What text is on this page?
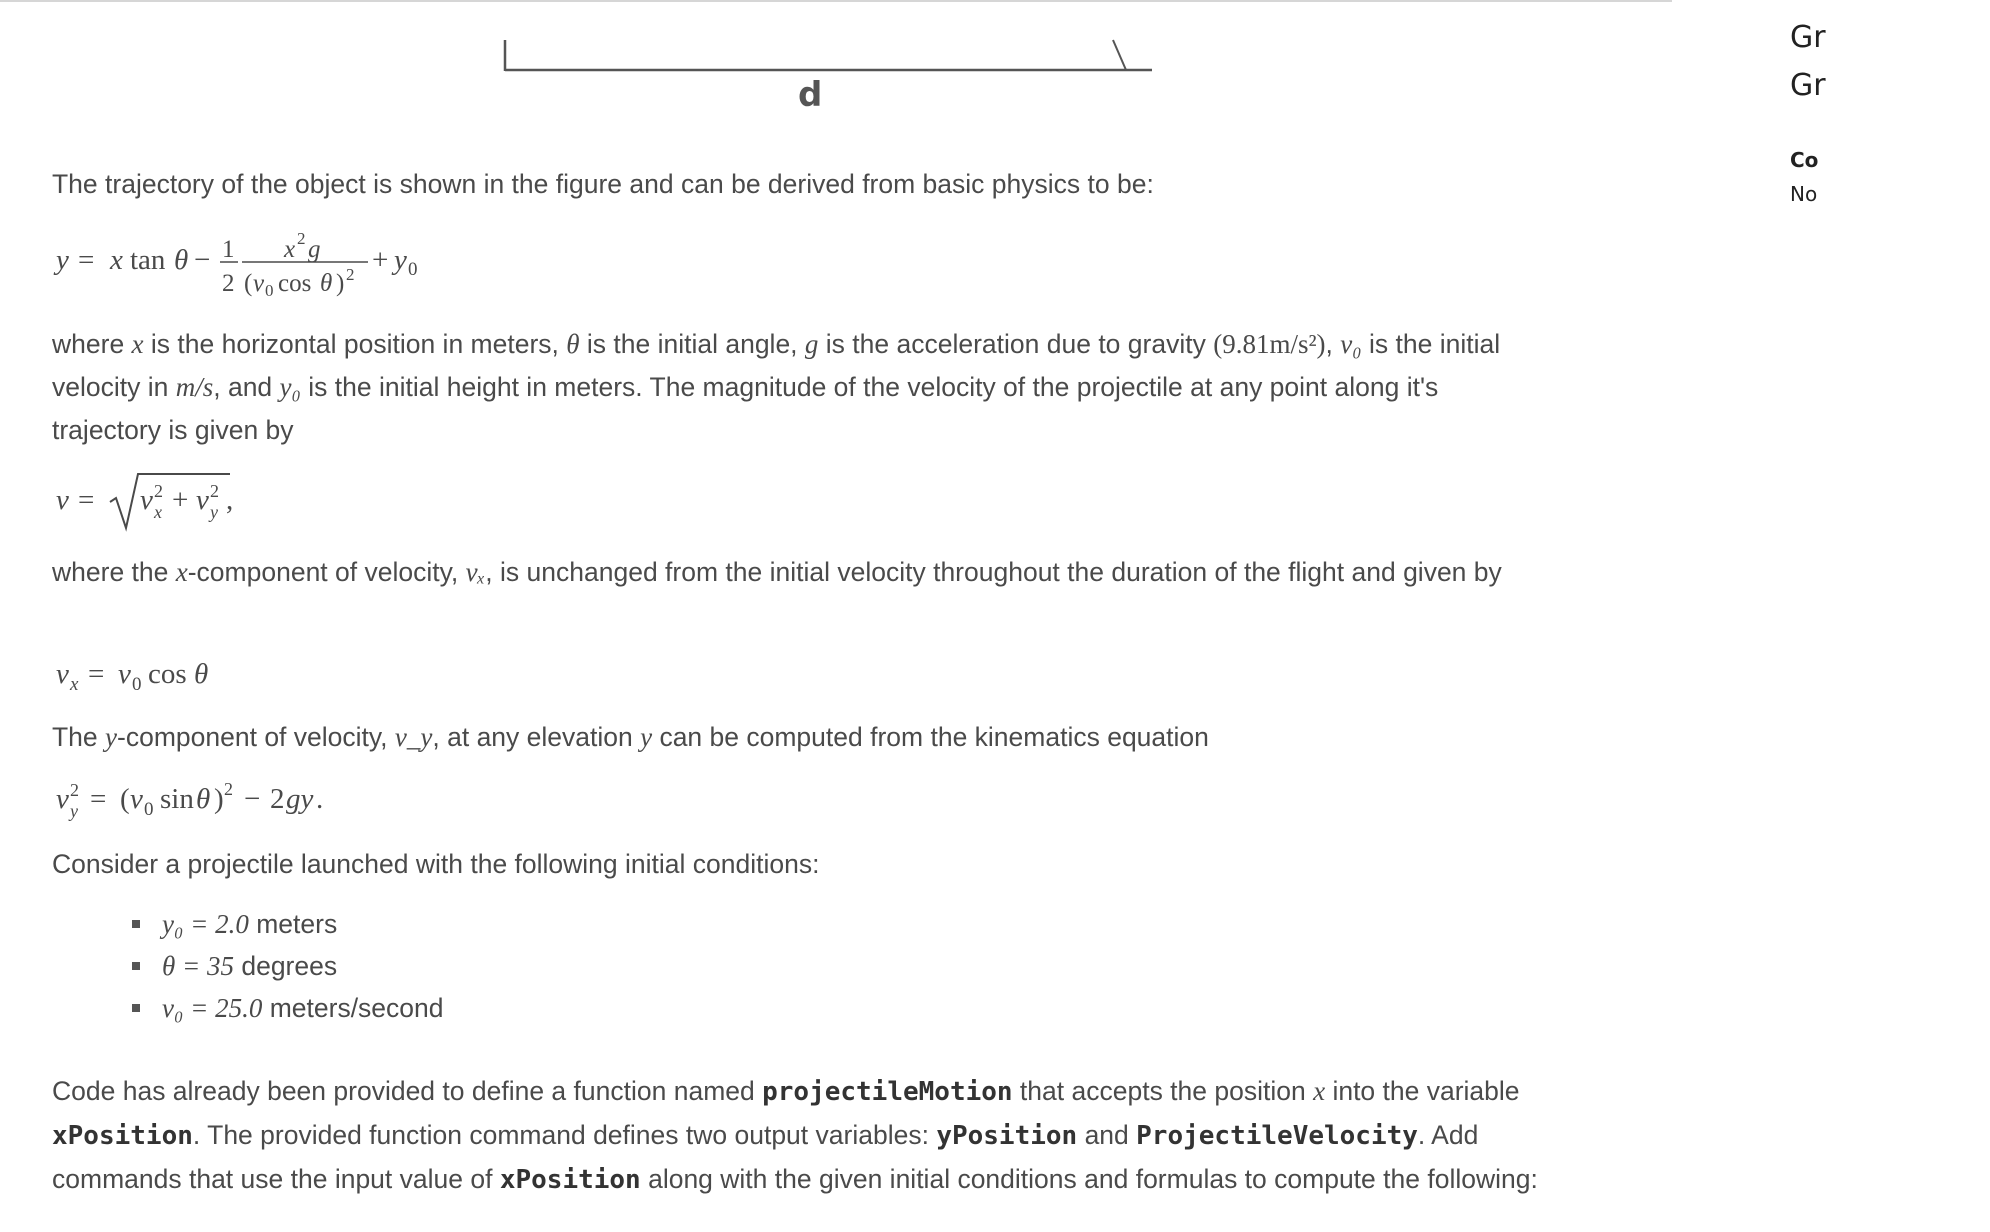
d

The trajectory of the object is shown in the figure and can be derived from basic physics to be:

y = x tan θ − 1
2
x 2 g
( v 0 cos θ ) 2 + y 0

where x is the horizontal position in meters, θ is the initial angle, g is the acceleration due to gravity (9.81m/s²), v₀ is the initial velocity in m/s, and y₀ is the initial height in meters. The magnitude of the velocity of the projectile at any point along it's trajectory is given by

v = v 2
x + v 2
y ,

where the x-component of velocity, vₓ, is unchanged from the initial velocity throughout the duration of the flight and given by

v x = v 0 cos θ

The y-component of velocity, v_y, at any elevation y can be computed from the kinematics equation

v 2
y = ( v 0 sin θ ) 2 − 2 gy .

Consider a projectile launched with the following initial conditions:

y₀ = 2.0 meters
θ = 35 degrees
v₀ = 25.0 meters/second

Code has already been provided to define a function named projectileMotion that accepts the position x into the variable xPosition. The provided function command defines two output variables: yPosition and ProjectileVelocity. Add commands that use the input value of xPosition along with the given initial conditions and formulas to compute the following:

Gr
Gr
Co
No
